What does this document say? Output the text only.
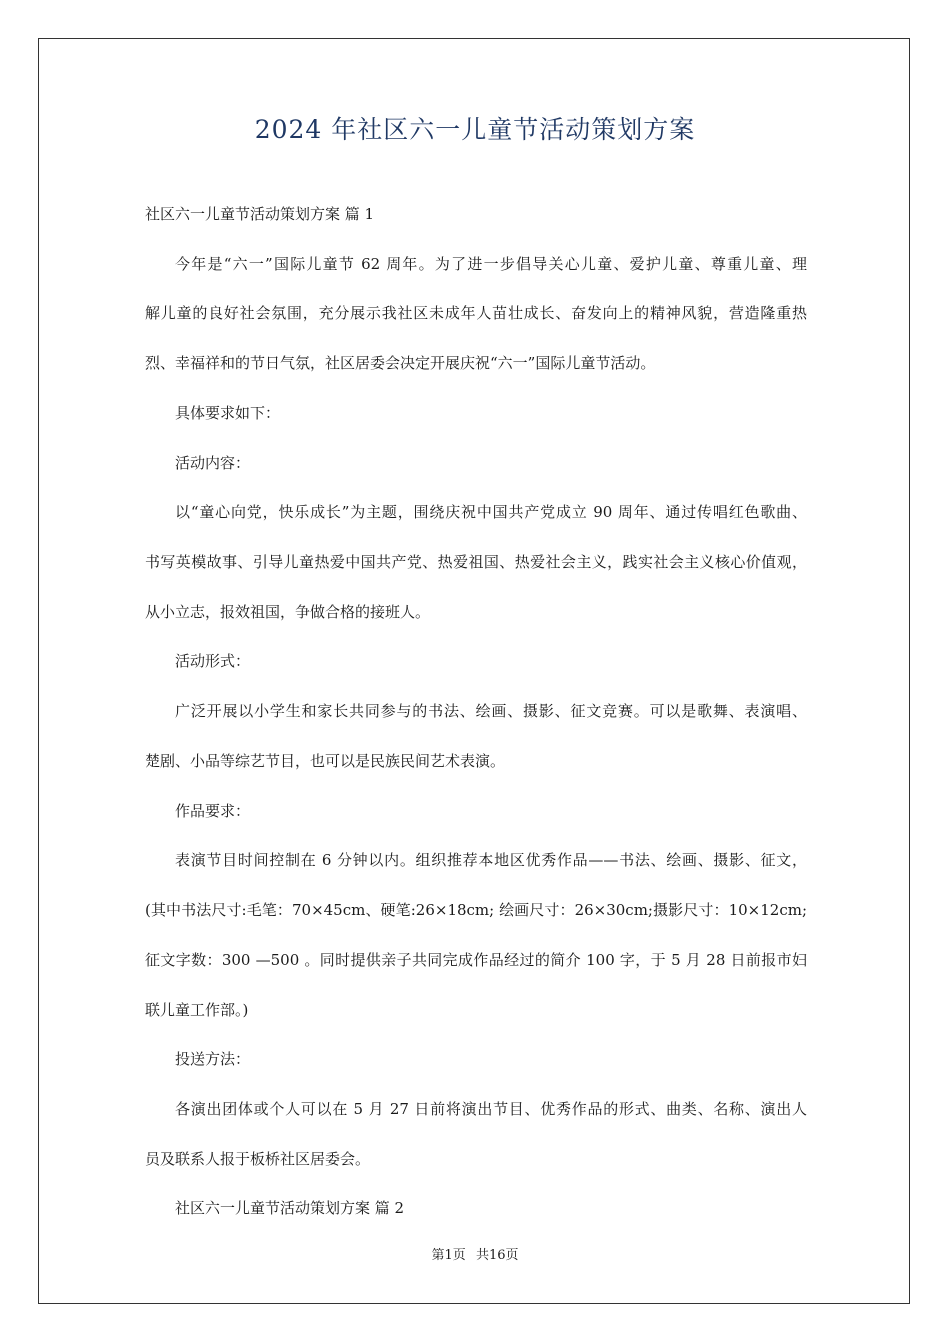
2024 年社区六一儿童节活动策划方案

社区六一儿童节活动策划方案 篇 1

今年是“六一”国际儿童节 62 周年。为了进一步倡导关心儿童、爱护儿童、尊重儿童、理

解儿童的良好社会氛围，充分展示我社区未成年人苗壮成长、奋发向上的精神风貌，营造隆重热

烈、幸福祥和的节日气氛，社区居委会决定开展庆祝“六一”国际儿童节活动。

具体要求如下：

活动内容：

以“童心向党，快乐成长”为主题，围绕庆祝中国共产党成立 90 周年、通过传唱红色歌曲、

书写英模故事、引导儿童热爱中国共产党、热爱祖国、热爱社会主义，践实社会主义核心价值观，

从小立志，报效祖国，争做合格的接班人。

活动形式：

广泛开展以小学生和家长共同参与的书法、绘画、摄影、征文竞赛。可以是歌舞、表演唱、

楚剧、小品等综艺节目，也可以是民族民间艺术表演。

作品要求：

表演节目时间控制在 6 分钟以内。组织推荐本地区优秀作品——书法、绘画、摄影、征文，

(其中书法尺寸:毛笔：70×45cm、硬笔:26×18cm; 绘画尺寸：26×30cm;摄影尺寸：10×12cm;

征文字数：300 —500 。同时提供亲子共同完成作品经过的简介 100 字，于 5 月 28 日前报市妇

联儿童工作部。)

投送方法：

各演出团体或个人可以在 5 月 27 日前将演出节目、优秀作品的形式、曲类、名称、演出人

员及联系人报于板桥社区居委会。

社区六一儿童节活动策划方案 篇 2

第1页 共16页
